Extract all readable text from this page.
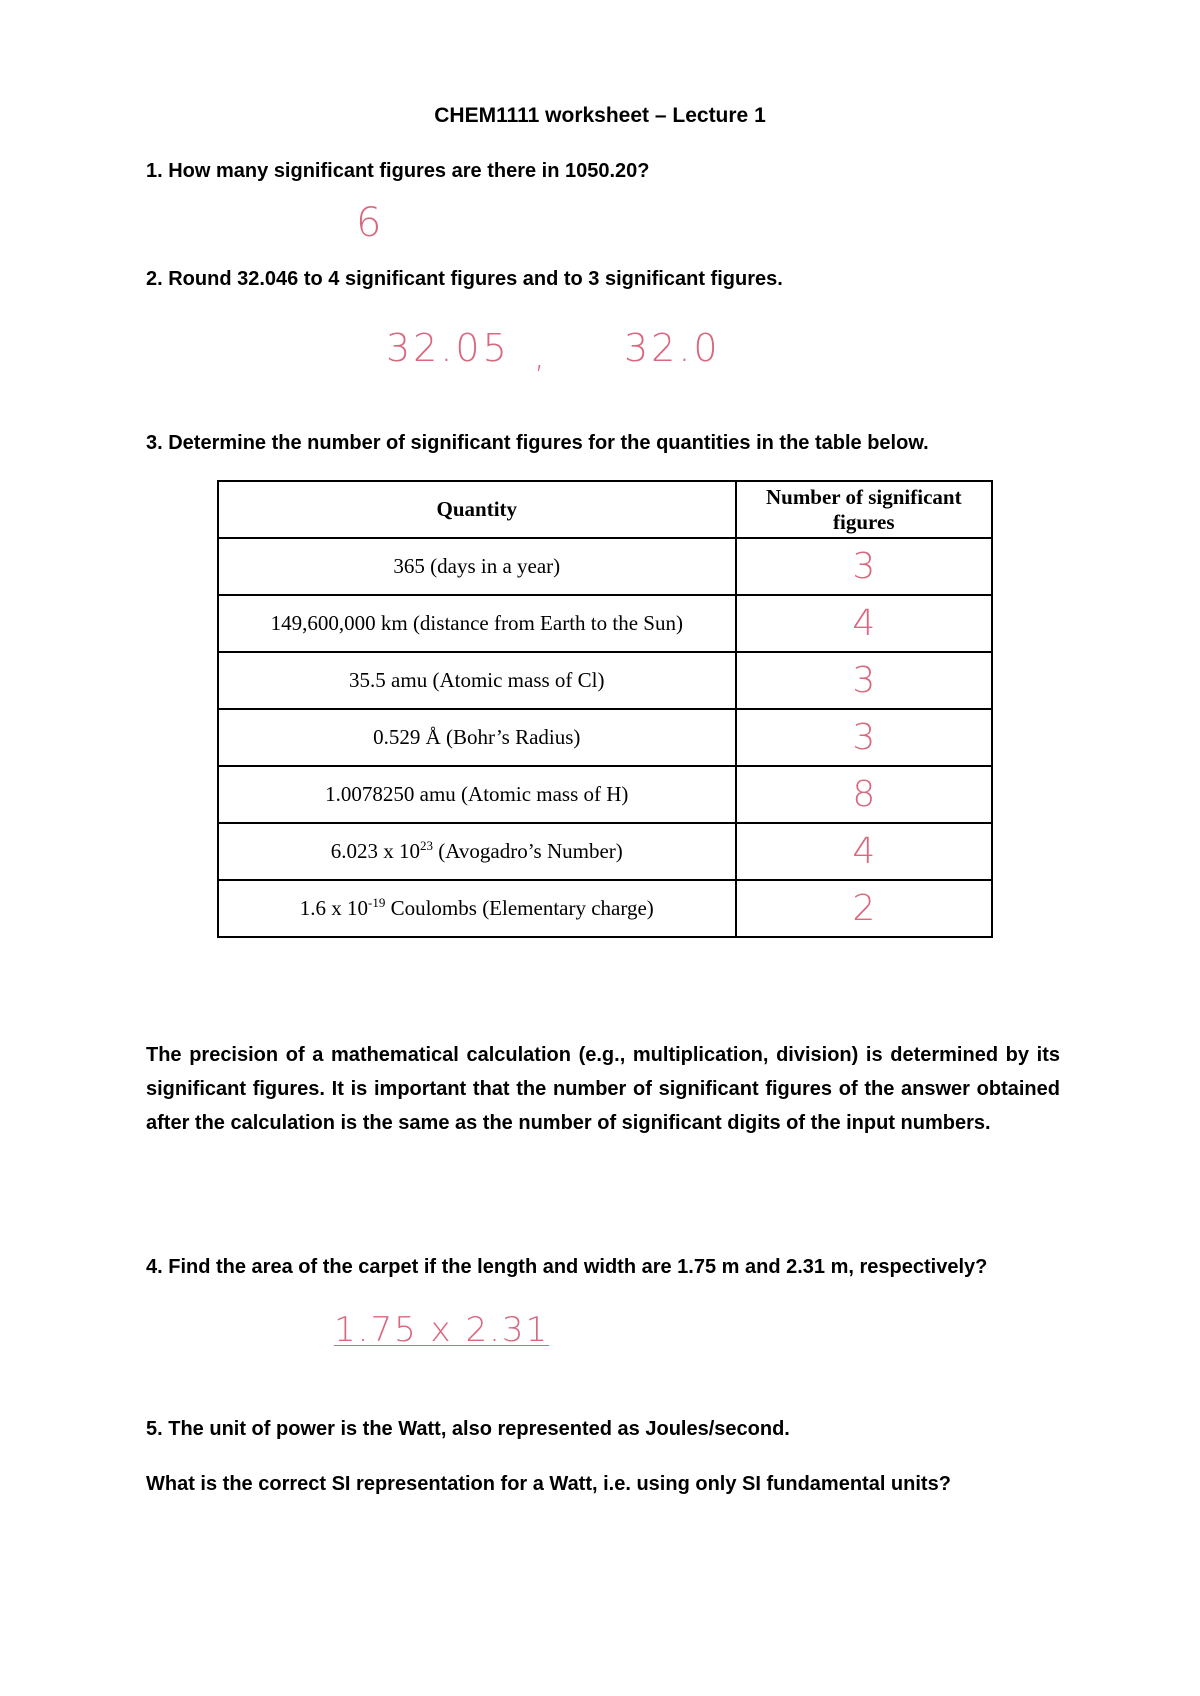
CHEM1111 worksheet – Lecture 1
1. How many significant figures are there in 1050.20?
6
2. Round 32.046 to 4 significant figures and to 3 significant figures.
32.05 , 32.0
3. Determine the number of significant figures for the quantities in the table below.
Quantity	Number of significant figures
365 (days in a year)	3
149,600,000 km (distance from Earth to the Sun)	4
35.5 amu (Atomic mass of Cl)	3
0.529 Å (Bohr’s Radius)	3
1.0078250 amu (Atomic mass of H)	8
6.023 x $10^{23}$ (Avogadro’s Number)	4
1.6 x $10^{-19}$ Coulombs (Elementary charge)	2
The precision of a mathematical calculation (e.g., multiplication, division) is determined by its significant figures. It is important that the number of significant figures of the answer obtained after the calculation is the same as the number of significant digits of the input numbers.
4. Find the area of the carpet if the length and width are 1.75 m and 2.31 m, respectively?
1.75 x 2.31
5. The unit of power is the Watt, also represented as Joules/second.
What is the correct SI representation for a Watt, i.e. using only SI fundamental units?
